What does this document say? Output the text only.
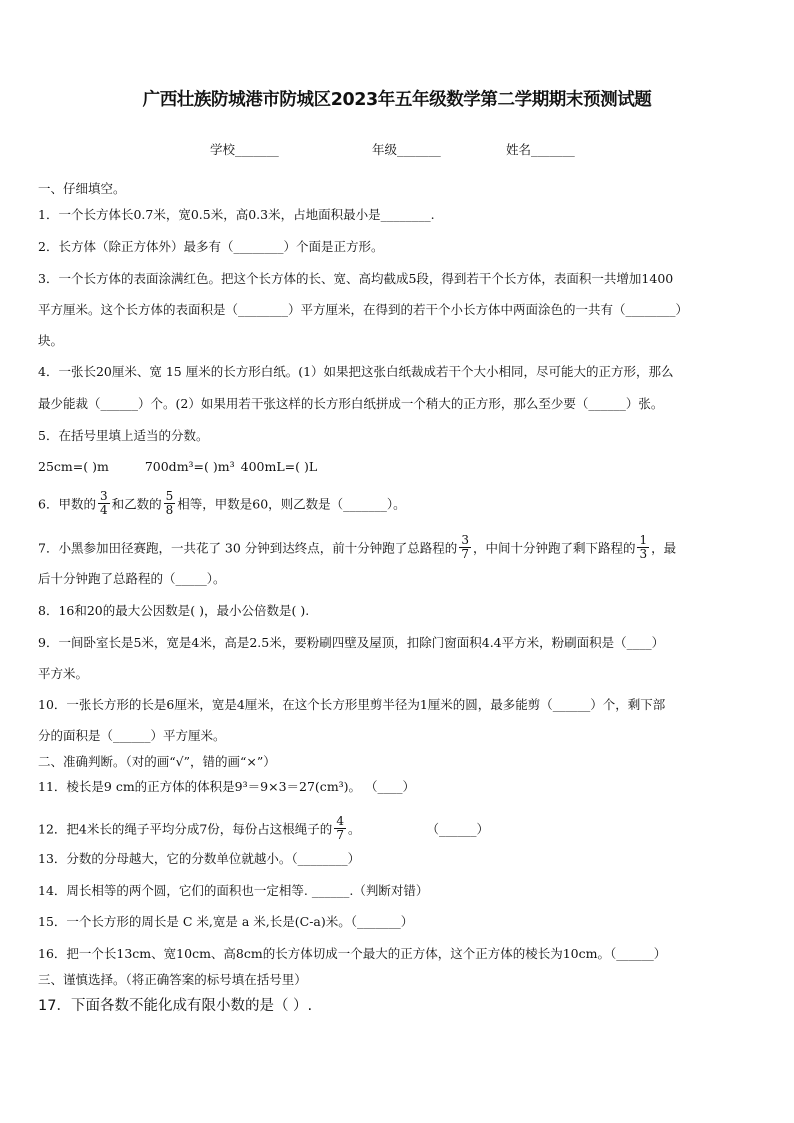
广西壮族防城港市防城区2023年五年级数学第二学期期末预测试题
学校_______	年级_______	姓名_______
一、仔细填空。
1．一个长方体长0.7米，宽0.5米，高0.3米，占地面积最小是________.
2．长方体（除正方体外）最多有（________）个面是正方形。
3．一个长方体的表面涂满红色。把这个长方体的长、宽、高均截成5段，得到若干个长方体，表面积一共增加1400
平方厘米。这个长方体的表面积是（________）平方厘米，在得到的若干个小长方体中两面涂色的一共有（________）
块。
4．一张长20厘米、宽 15 厘米的长方形白纸。(1）如果把这张白纸裁成若干个大小相同，尽可能大的正方形，那么
最少能裁（______）个。(2）如果用若干张这样的长方形白纸拼成一个稍大的正方形，那么至少要（______）张。
5．在括号里填上适当的分数。
25cm=( )m	700dm³=( )m³ 400mL=( )L
6．甲数的 $\frac{3}{4}$ 和乙数的 $\frac{5}{8}$ 相等，甲数是60，则乙数是（_______）。
7．小黑参加田径赛跑，一共花了 30 分钟到达终点，前十分钟跑了总路程的 $\frac{3}{7}$ ，中间十分钟跑了剩下路程的 $\frac{1}{3}$ ，最
后十分钟跑了总路程的（_____）。
8．16和20的最大公因数是( )，最小公倍数是( ).
9．一间卧室长是5米，宽是4米，高是2.5米，要粉刷四壁及屋顶，扣除门窗面积4.4平方米，粉刷面积是（____）
平方米。
10．一张长方形的长是6厘米，宽是4厘米，在这个长方形里剪半径为1厘米的圆，最多能剪（______）个，剩下部
分的面积是（______）平方厘米。
二、准确判断。（对的画“√”，错的画“×”）
11．棱长是9 cm的正方体的体积是9³＝9×3＝27(cm³)。 （____）
12．把4米长的绳子平均分成7份，每份占这根绳子的 $\frac{4}{7}$ 。	（______）
13．分数的分母越大，它的分数单位就越小。（________）
14．周长相等的两个圆，它们的面积也一定相等. ______.（判断对错）
15．一个长方形的周长是 C 米,宽是 a 米,长是(C-a)米。（_______）
16．把一个长13cm、宽10cm、高8cm的长方体切成一个最大的正方体，这个正方体的棱长为10cm。（______）
三、谨慎选择。（将正确答案的标号填在括号里）
17．下面各数不能化成有限小数的是（ ）.
